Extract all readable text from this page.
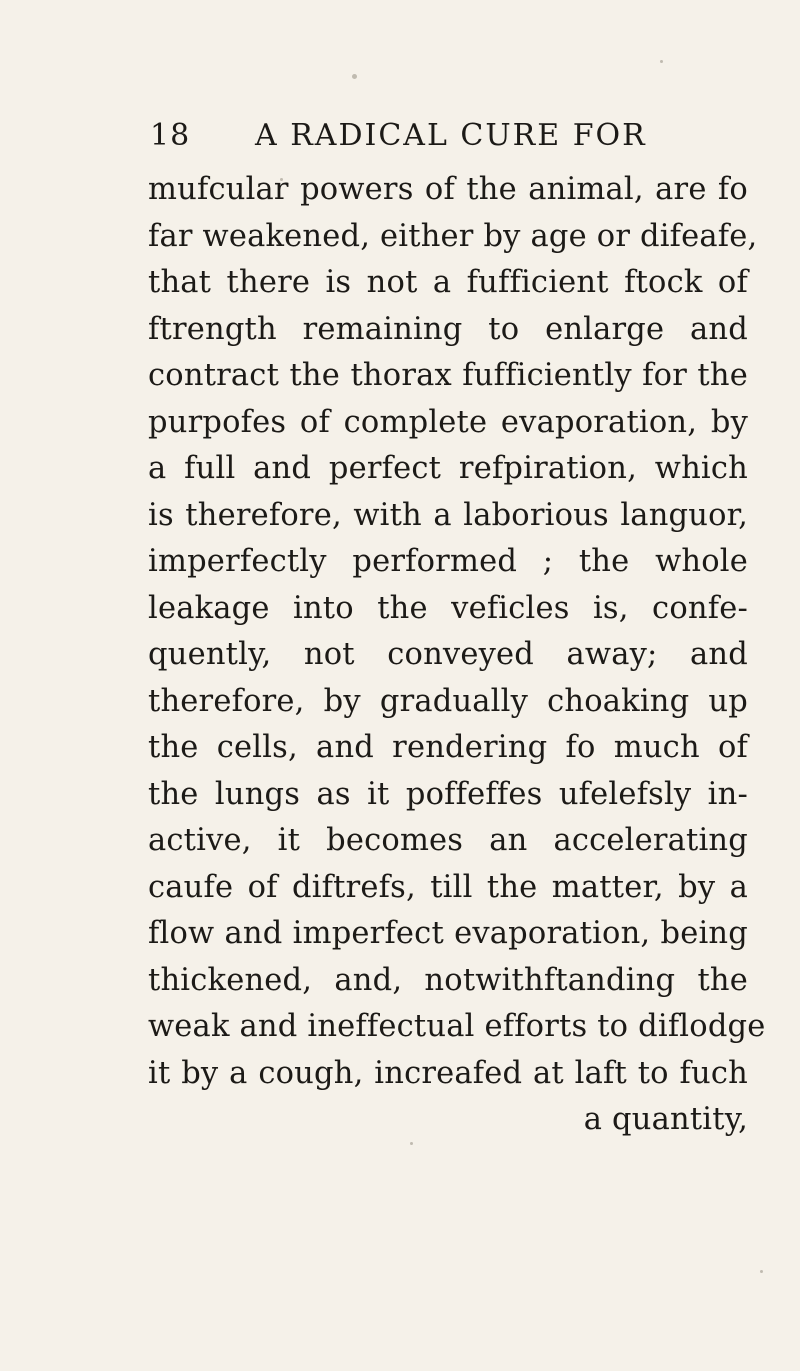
18 A RADICAL CURE FOR
mufcular powers of the animal, are fo
far weakened, either by age or difeafe,
that there is not a fufficient ftock of
ftrength remaining to enlarge and
contract the thorax fufficiently for the
purpofes of complete evaporation, by
a full and perfect refpiration, which
is therefore, with a laborious languor,
imperfectly performed ; the whole
leakage into the veficles is, confe-
quently, not conveyed away; and
therefore, by gradually choaking up
the cells, and rendering fo much of
the lungs as it poffeffes ufelefsly in-
active, it becomes an accelerating
caufe of diftrefs, till the matter, by a
flow and imperfect evaporation, being
thickened, and, notwithftanding the
weak and ineffectual efforts to diflodge
it by a cough, increafed at laft to fuch
a quantity,
